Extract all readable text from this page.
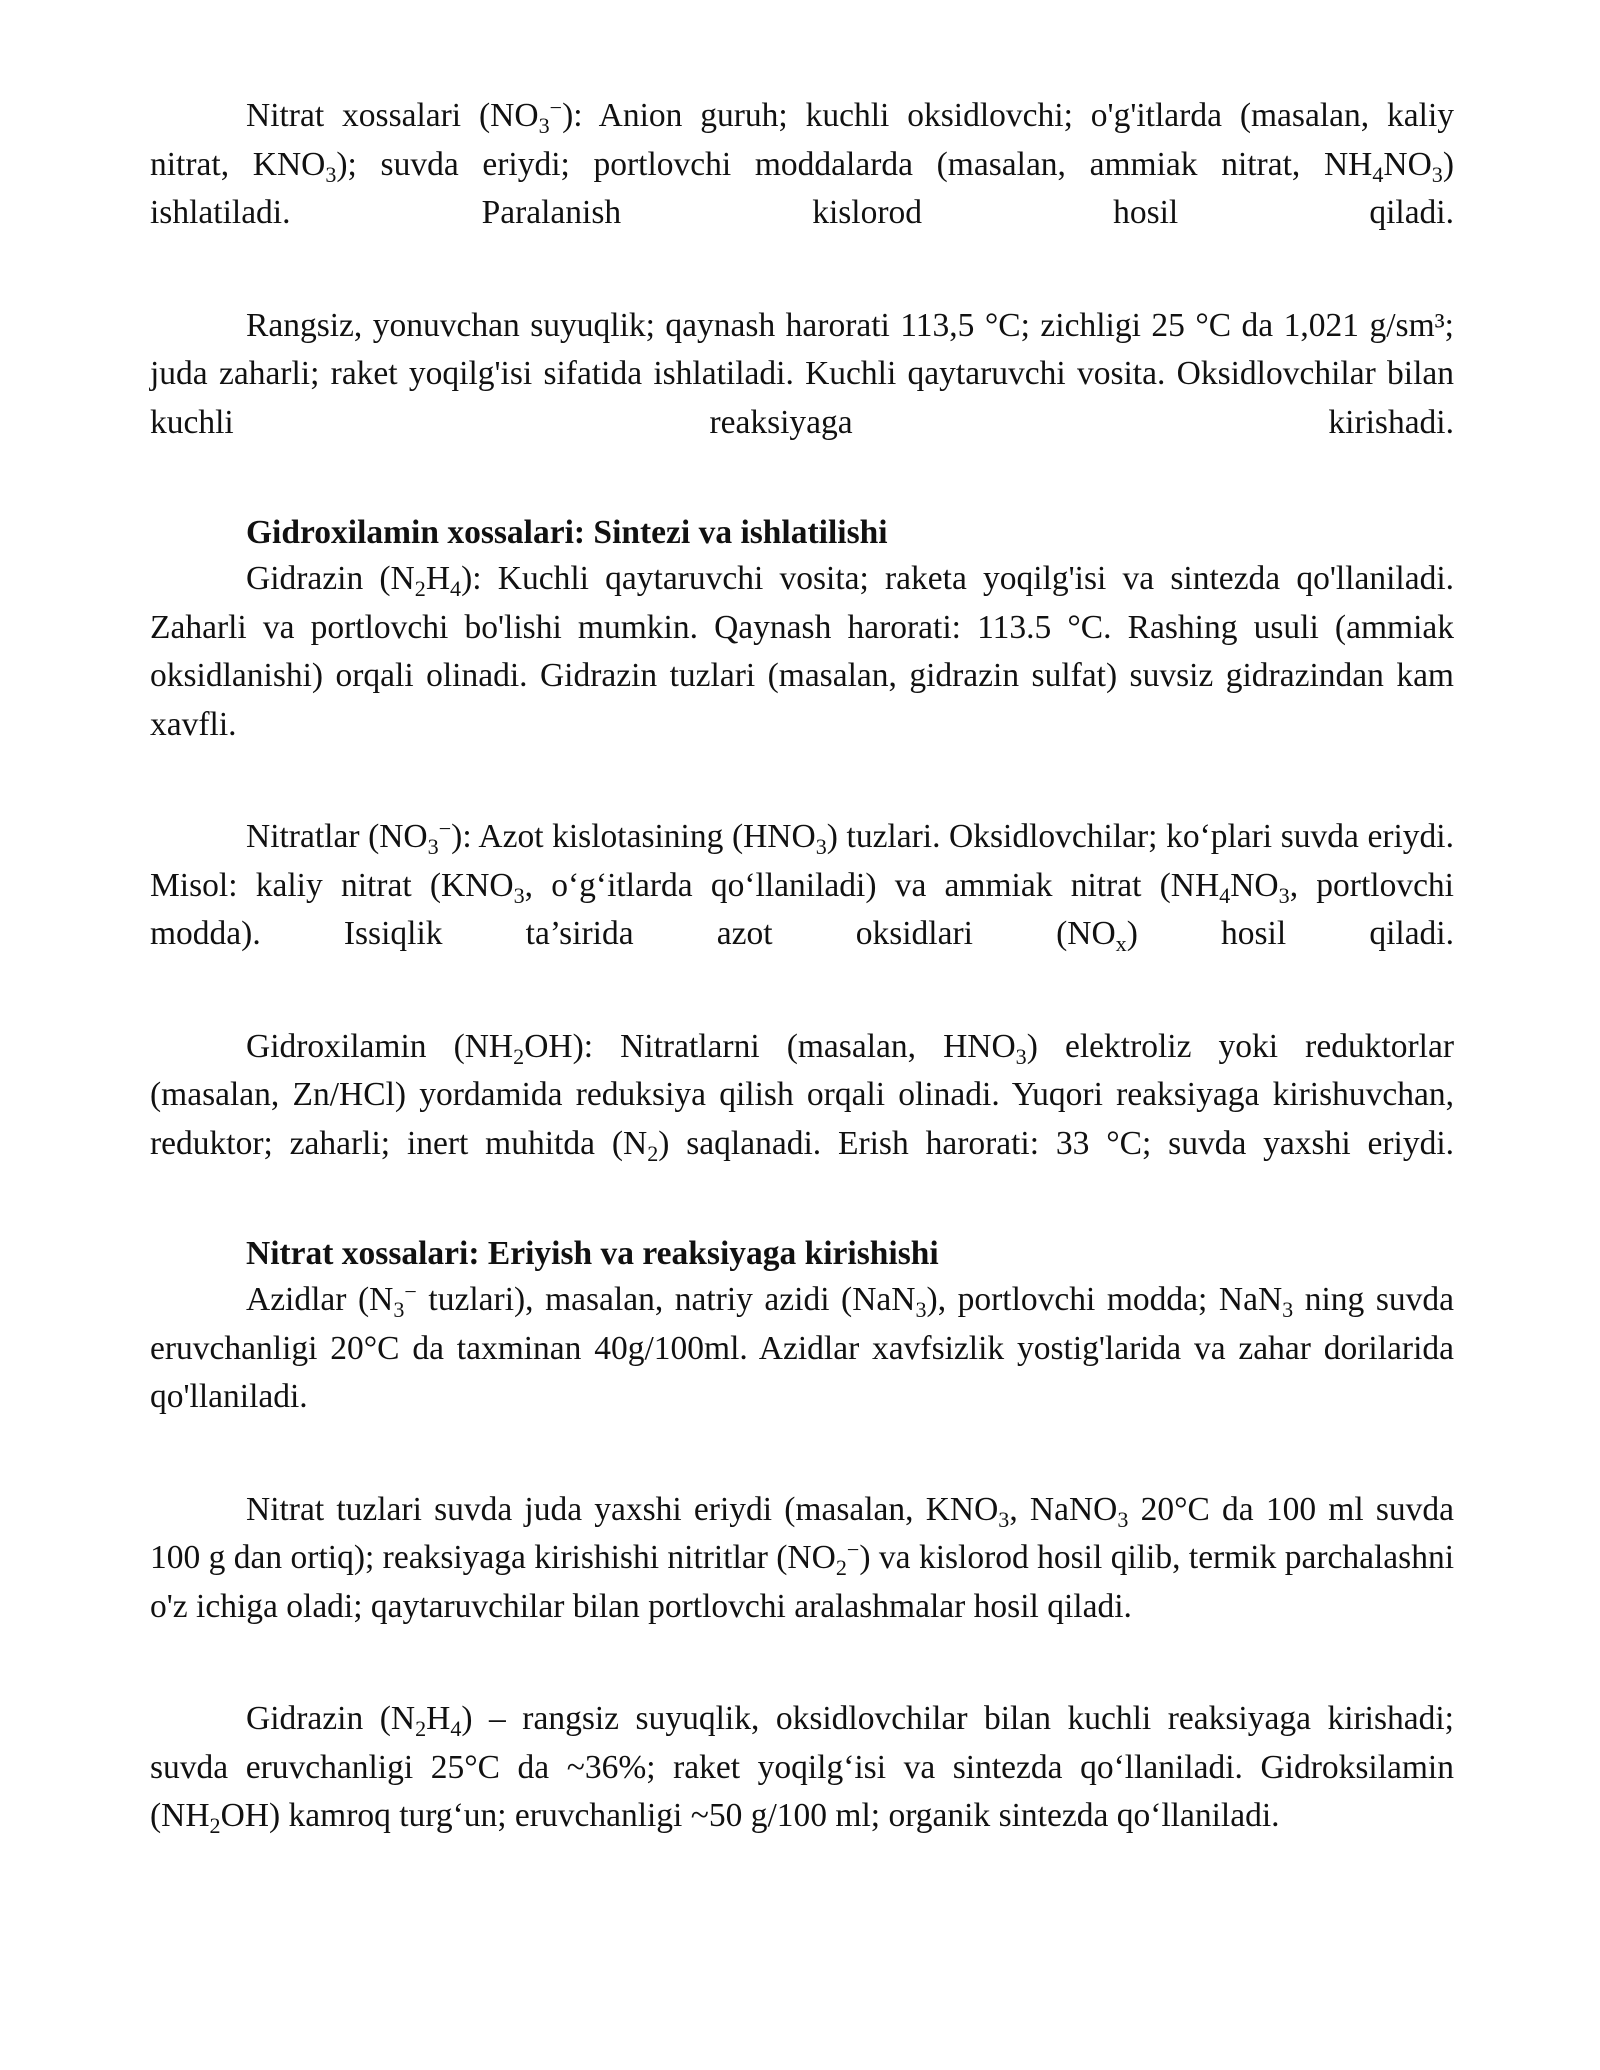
Nitrat xossalari $(NO_3^-)$: Anion guruh; kuchli oksidlovchi; o'g'itlarda (masalan, kaliy nitrat, $KNO_3$); suvda eriydi; portlovchi moddalarda (masalan, ammiak nitrat, $NH_4NO_3$) ishlatiladi. Paralanish kislorod hosil qiladi.

Rangsiz, yonuvchan suyuqlik; qaynash harorati 113,5 °C; zichligi 25 °C da 1,021 g/sm³; juda zaharli; raket yoqilg'isi sifatida ishlatiladi. Kuchli qaytaruvchi vosita. Oksidlovchilar bilan kuchli reaksiyaga kirishadi.

Gidroxilamin xossalari: Sintezi va ishlatilishi

Gidrazin $(N_2H_4)$: Kuchli qaytaruvchi vosita; raketa yoqilg'isi va sintezda qo'llaniladi. Zaharli va portlovchi bo'lishi mumkin. Qaynash harorati: 113.5 °C. Rashing usuli (ammiak oksidlanishi) orqali olinadi. Gidrazin tuzlari (masalan, gidrazin sulfat) suvsiz gidrazindan kam xavfli.

Nitratlar $(NO_3^-)$: Azot kislotasining $(HNO_3)$ tuzlari. Oksidlovchilar; ko‘plari suvda eriydi. Misol: kaliy nitrat ($KNO_3$, o‘g‘itlarda qo‘llaniladi) va ammiak nitrat ($NH_4NO_3$, portlovchi modda). Issiqlik ta’sirida azot oksidlari $(NO_x)$ hosil qiladi.

Gidroxilamin $(NH_2OH)$: Nitratlarni (masalan, $HNO_3$) elektroliz yoki reduktorlar (masalan, Zn/HCl) yordamida reduksiya qilish orqali olinadi. Yuqori reaksiyaga kirishuvchan, reduktor; zaharli; inert muhitda $(N_2)$ saqlanadi. Erish harorati: 33 °C; suvda yaxshi eriydi.

Nitrat xossalari: Eriyish va reaksiyaga kirishishi

Azidlar ($N_3^-$ tuzlari), masalan, natriy azidi (NaN$_3$), portlovchi modda; NaN$_3$ ning suvda eruvchanligi 20°C da taxminan 40g/100ml. Azidlar xavfsizlik yostig'larida va zahar dorilarida qo'llaniladi.

Nitrat tuzlari suvda juda yaxshi eriydi (masalan, $KNO_3$, NaNO$_3$ 20°C da 100 ml suvda 100 g dan ortiq); reaksiyaga kirishishi nitritlar $(NO_2^-)$ va kislorod hosil qilib, termik parchalashni o'z ichiga oladi; qaytaruvchilar bilan portlovchi aralashmalar hosil qiladi.

Gidrazin $(N_2H_4)$ – rangsiz suyuqlik, oksidlovchilar bilan kuchli reaksiyaga kirishadi; suvda eruvchanligi 25°C da ~36%; raket yoqilg‘isi va sintezda qo‘llaniladi. Gidroksilamin $(NH_2OH)$ kamroq turg‘un; eruvchanligi ~50 g/100 ml; organik sintezda qo‘llaniladi.
